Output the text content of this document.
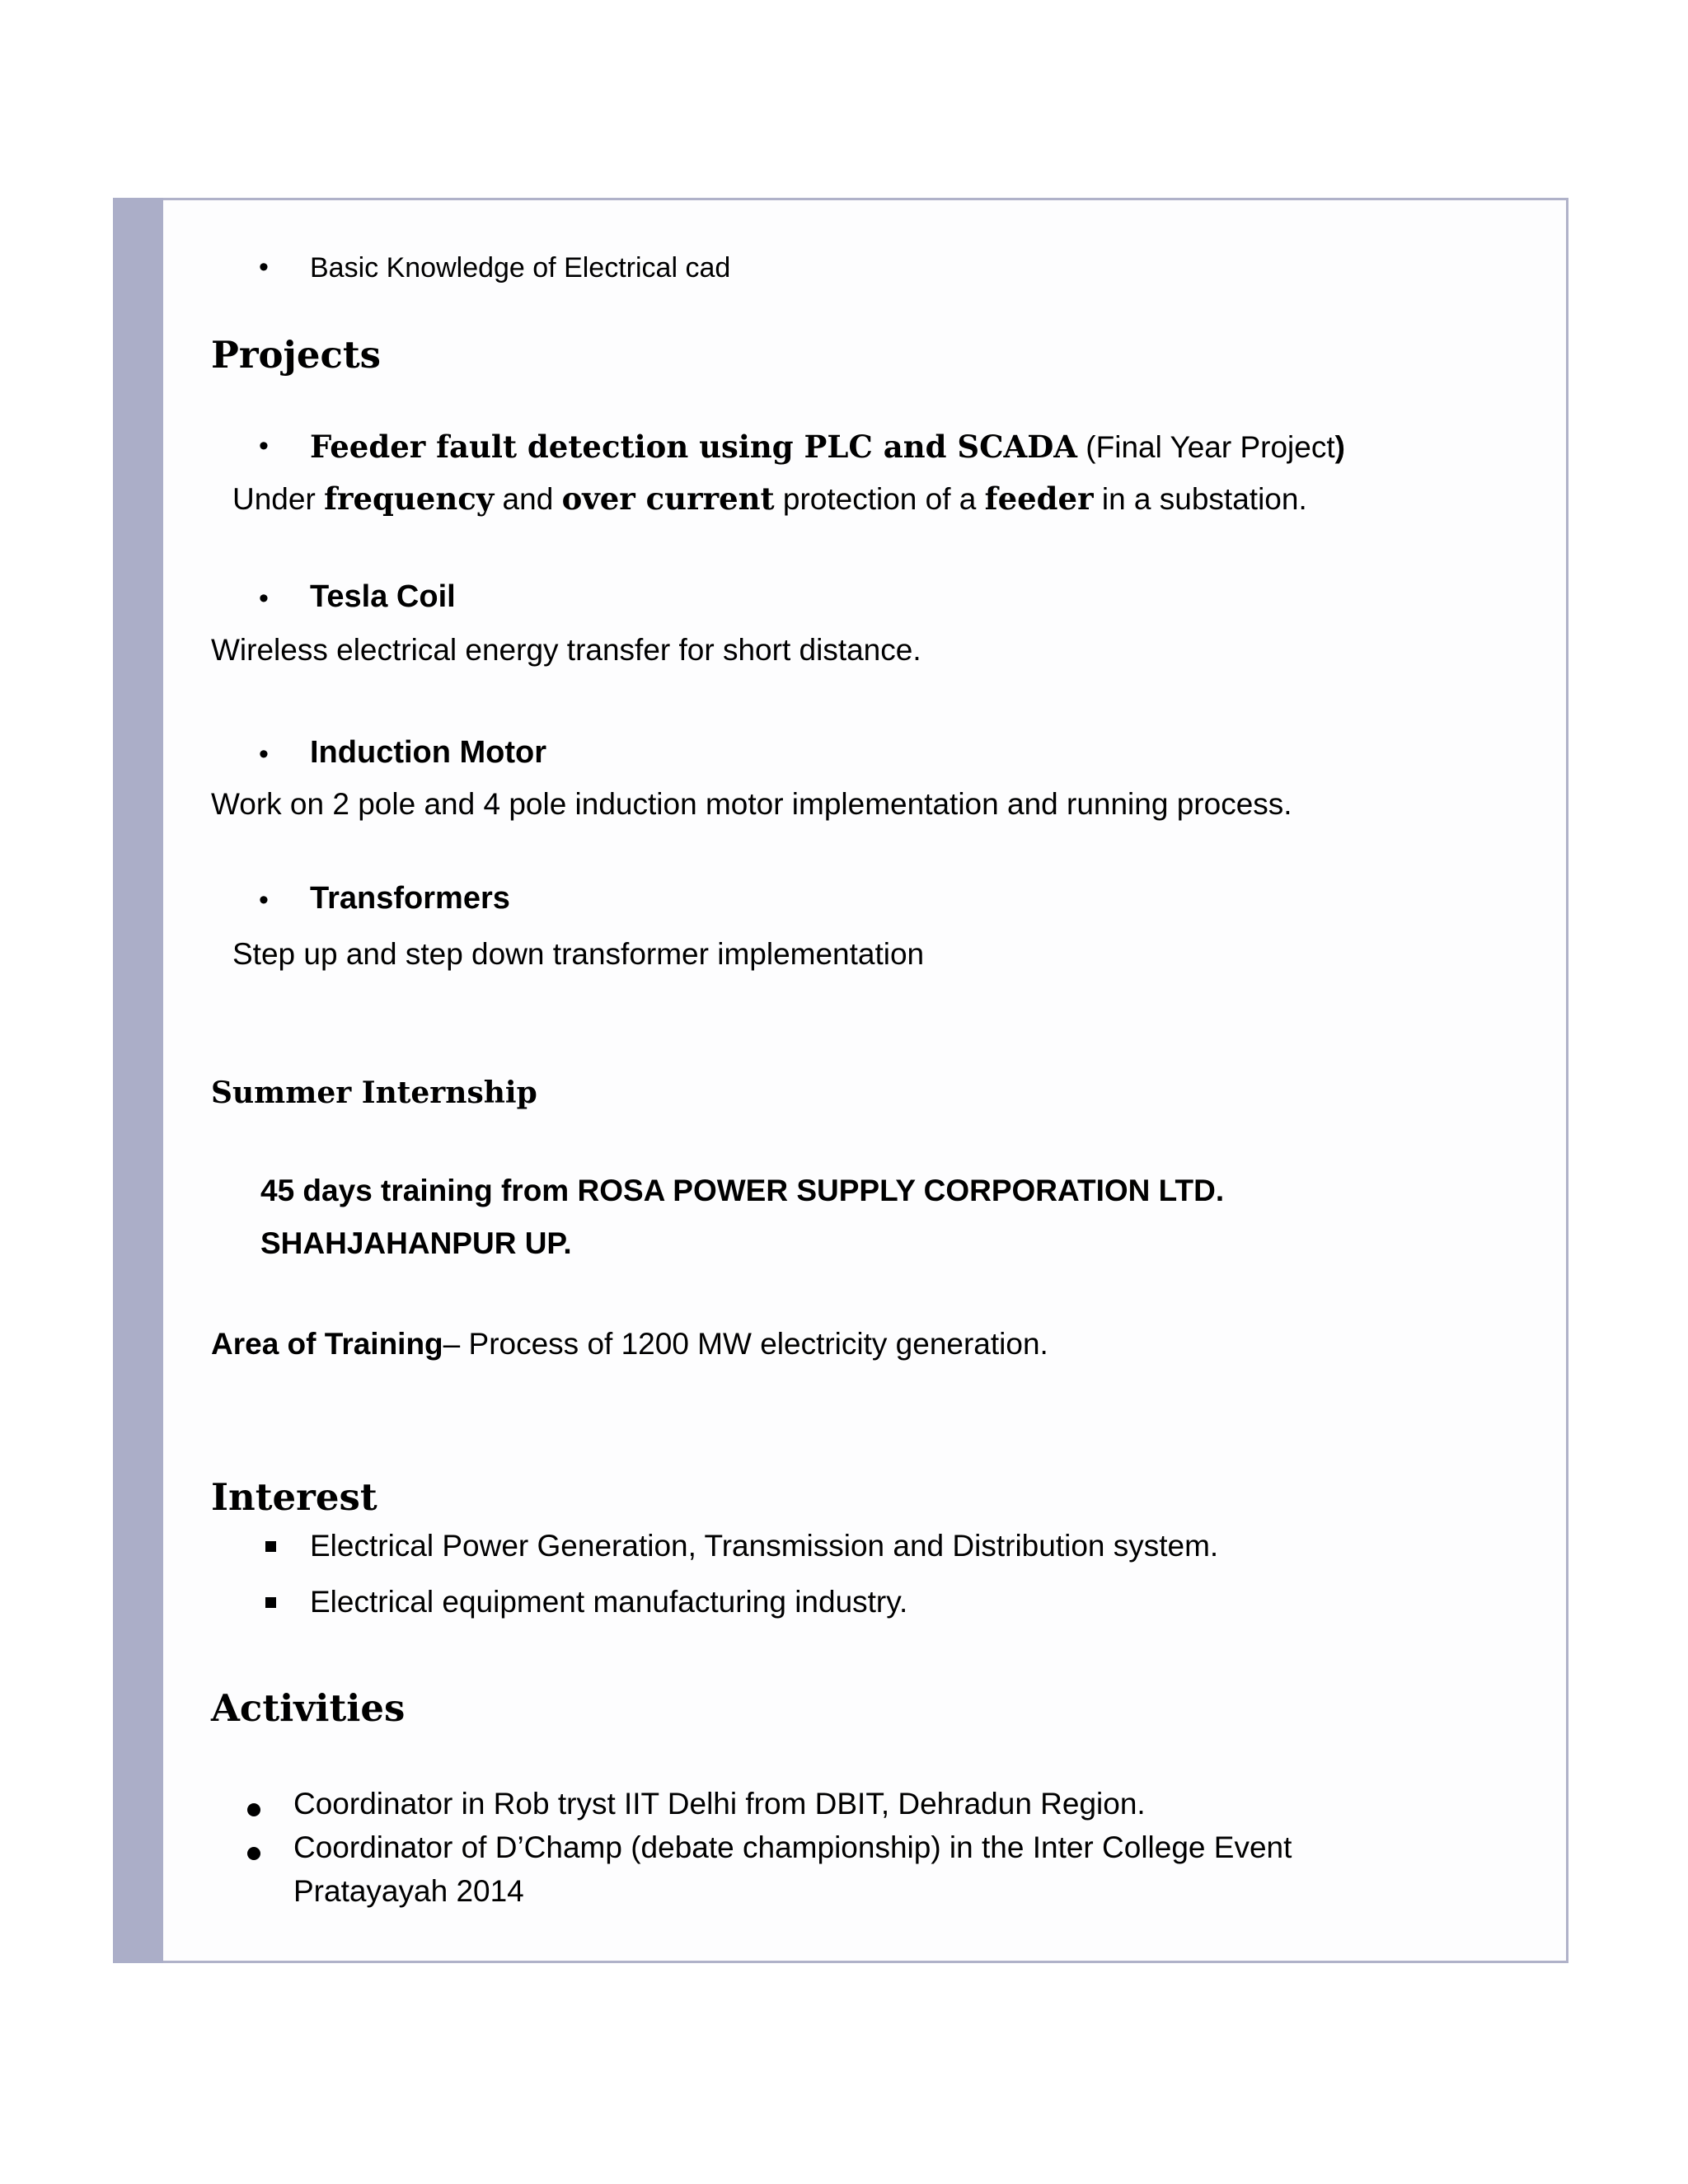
• Basic Knowledge of Electrical cad
Projects
• Feeder fault detection using PLC and SCADA (Final Year Project)
Under frequency and over current protection of a feeder in a substation.
• Tesla Coil
Wireless electrical energy transfer for short distance.
• Induction Motor
Work on 2 pole and 4 pole induction motor implementation and running process.
• Transformers
Step up and step down transformer implementation
Summer Internship
45 days training from ROSA POWER SUPPLY CORPORATION LTD.
SHAHJAHANPUR UP.
Area of Training– Process of 1200 MW electricity generation.
Interest
Electrical Power Generation, Transmission and Distribution system.
Electrical equipment manufacturing industry.
Activities
Coordinator in Rob tryst IIT Delhi from DBIT, Dehradun Region.
Coordinator of D’Champ (debate championship) in the Inter College Event
Pratayayah 2014
